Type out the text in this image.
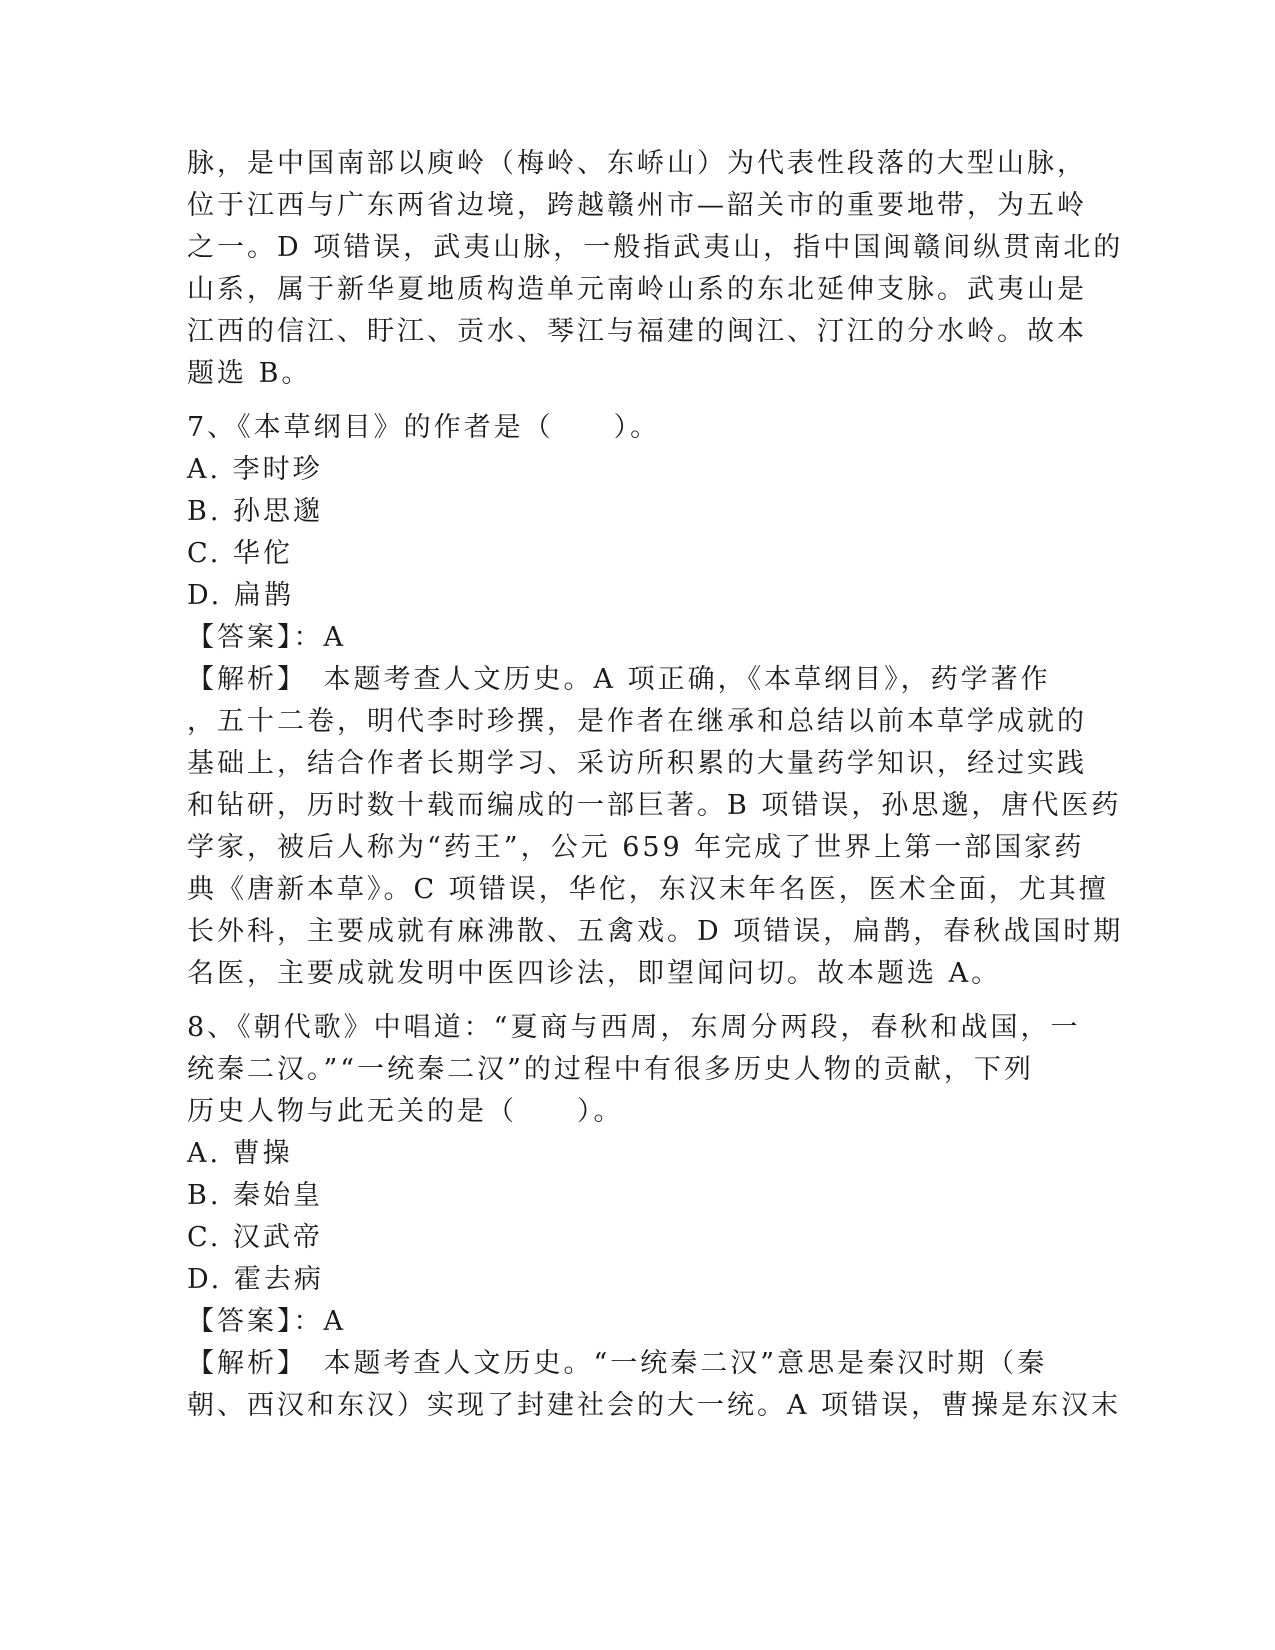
脉，是中国南部以庾岭（梅岭、东峤山）为代表性段落的大型山脉，
位于江西与广东两省边境，跨越赣州市—韶关市的重要地带，为五岭
之一。D 项错误，武夷山脉，一般指武夷山，指中国闽赣间纵贯南北的
山系，属于新华夏地质构造单元南岭山系的东北延伸支脉。武夷山是
江西的信江、盱江、贡水、琴江与福建的闽江、汀江的分水岭。故本
题选 B。
7、《本草纲目》的作者是（　　）。
A. 李时珍
B. 孙思邈
C. 华佗
D. 扁鹊
【答案】：A
【解析】　本题考查人文历史。A 项正确，《本草纲目》，药学著作
，五十二卷，明代李时珍撰，是作者在继承和总结以前本草学成就的
基础上，结合作者长期学习、采访所积累的大量药学知识，经过实践
和钻研，历时数十载而编成的一部巨著。B 项错误，孙思邈，唐代医药
学家，被后人称为“药王”，公元 659 年完成了世界上第一部国家药
典《唐新本草》。C 项错误，华佗，东汉末年名医，医术全面，尤其擅
长外科，主要成就有麻沸散、五禽戏。D 项错误，扁鹊，春秋战国时期
名医，主要成就发明中医四诊法，即望闻问切。故本题选 A。
8、《朝代歌》中唱道：“夏商与西周，东周分两段，春秋和战国，一
统秦二汉。”“一统秦二汉”的过程中有很多历史人物的贡献，下列
历史人物与此无关的是（　　）。
A. 曹操
B. 秦始皇
C. 汉武帝
D. 霍去病
【答案】：A
【解析】　本题考查人文历史。“一统秦二汉”意思是秦汉时期（秦
朝、西汉和东汉）实现了封建社会的大一统。A 项错误，曹操是东汉末
